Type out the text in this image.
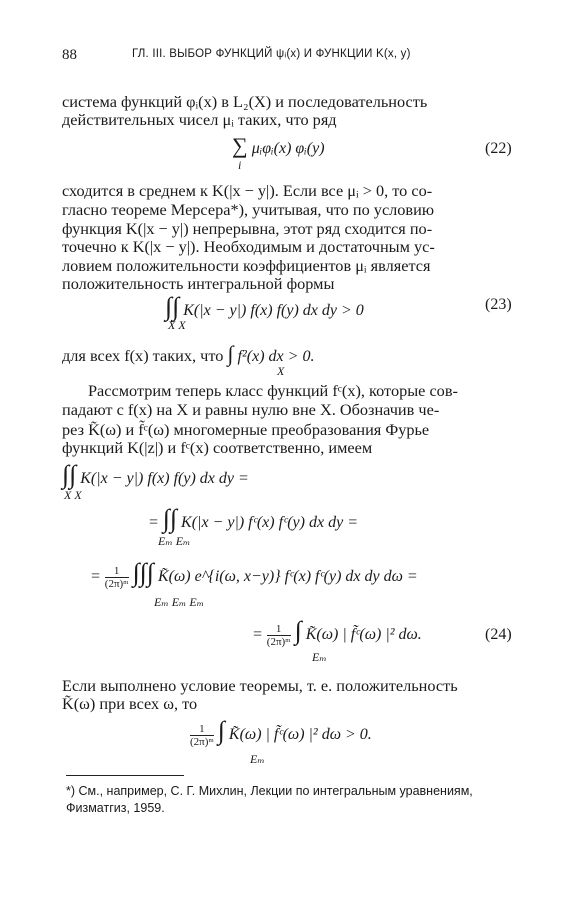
88	ГЛ. III. ВЫБОР ФУНКЦИЙ ψᵢ(x) И ФУНКЦИИ K(x, y)
система функций φᵢ(x) в L₂(X) и последовательность
действительных чисел μᵢ таких, что ряд
∑ μᵢφᵢ(x) φᵢ(y)
i
(22)
сходится в среднем к K(|x − y|). Если все μᵢ > 0, то со-
гласно теореме Мерсера*), учитывая, что по условию
функция K(|x − y|) непрерывна, этот ряд сходится по-
точечно к K(|x − y|). Необходимым и достаточным ус-
ловием положительности коэффициентов μᵢ является
положительность интегральной формы
∫∫ K(|x − y|) f(x) f(y) dx dy > 0
X X
(23)
для всех f(x) таких, что ∫ f²(x) dx > 0.
X
Рассмотрим теперь класс функций fᶜ(x), которые сов-
падают с f(x) на X и равны нулю вне X. Обозначив че-
рез K̃(ω) и f̃ᶜ(ω) многомерные преобразования Фурье
функций K(|z|) и fᶜ(x) соответственно, имеем
∫∫ K(|x − y|) f(x) f(y) dx dy =
X X
= ∫∫ K(|x − y|) fᶜ(x) fᶜ(y) dx dy =
Eₘ Eₘ
= $\frac{1}{\text{(2π)ᵐ}}$ ∫∫∫ K̃(ω) e^{i(ω, x−y)} fᶜ(x) fᶜ(y) dx dy dω =
Eₘ Eₘ Eₘ
= $\frac{1}{\text{(2π)ᵐ}}$ ∫ K̃(ω) | f̃ᶜ(ω) |² dω.
Eₘ
(24)
Если выполнено условие теоремы, т. е. положительность
K̃(ω) при всех ω, то
$\frac{1}{\text{(2π)ᵐ}}$ ∫ K̃(ω) | f̃ᶜ(ω) |² dω > 0.
Eₘ
*) См., например, С. Г. Михлин, Лекции по интегральным уравнениям, Физматгиз, 1959.
